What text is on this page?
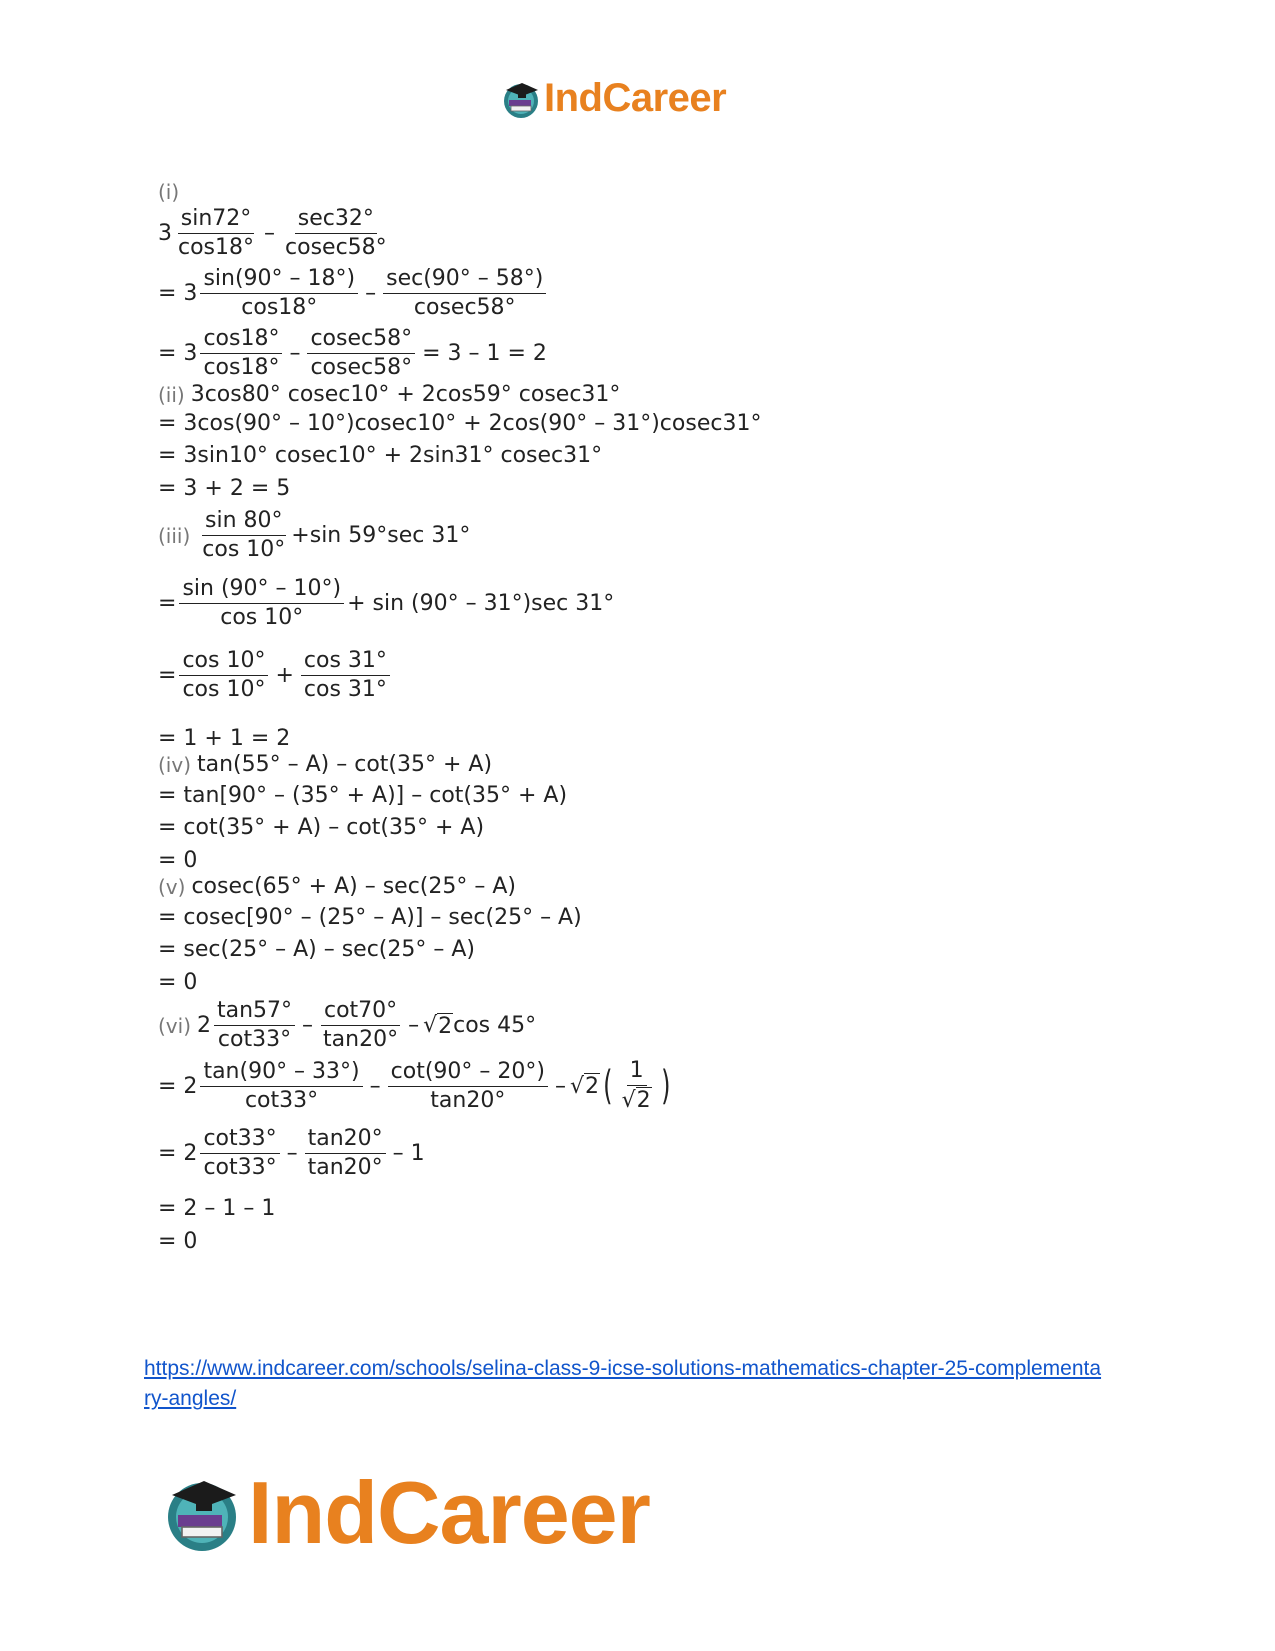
IndCareer
(i)
$3 \frac{\sin 72^\circ}{\cos 18^\circ} - \frac{\sec 32^\circ}{cosec58^\circ}$
= $3 \frac{\sin(90^\circ - 18^\circ)}{\cos 18^\circ} - \frac{\sec(90^\circ - 58^\circ)}{cosec58^\circ}$
= $3 \frac{\cos 18^\circ}{\cos 18^\circ} - \frac{cosec58^\circ}{cosec58^\circ} = 3 - 1 = 2$
(ii) 3cos80° cosec10° + 2cos59° cosec31°
= 3cos(90° – 10°)cosec10° + 2cos(90° – 31°)cosec31°
= 3sin10° cosec10° + 2sin31° cosec31°
= 3 + 2 = 5
$(iii) \frac{\sin 80^\circ}{\cos 10^\circ} +\sin$ 59°sec 31°
= $\frac{\sin (90^\circ - 10^\circ)}{\cos 10^\circ} + \sin (90^\circ - 31^\circ)\sec$ 31°
= $\frac{\cos 10^\circ}{\cos 10^\circ} + \frac{\cos 31^\circ}{\cos 31^\circ}$
= 1 + 1 = 2
(iv) tan(55° – A) – cot(35° + A)
= tan[90° – (35° + A)] – cot(35° + A)
= cot(35° + A) – cot(35° + A)
= 0
(v) cosec(65° + A) – sec(25° – A)
= cosec[90° – (25° – A)] – sec(25° – A)
= sec(25° – A) – sec(25° – A)
= 0
(vi) $2 \frac{\tan 57^\circ}{\cot 33^\circ} - \frac{\cot 70^\circ}{\tan 20^\circ}$ – √ 2 cos 45°
= $2 \frac{\tan(90^\circ - 33^\circ)}{\cot 33^\circ} - \frac{\cot(90^\circ - 20^\circ)}{\tan 20^\circ}$ – √ 2 ( $\frac{1}{√ 2}$ )
= $2 \frac{\cot 33^\circ}{\cot 33^\circ} - \frac{\tan 20^\circ}{\tan 20^\circ} - 1$
= 2 – 1 – 1
= 0
https://www.indcareer.com/schools/selina-class-9-icse-solutions-mathematics-chapter-25-complementary-angles/
IndCareer
